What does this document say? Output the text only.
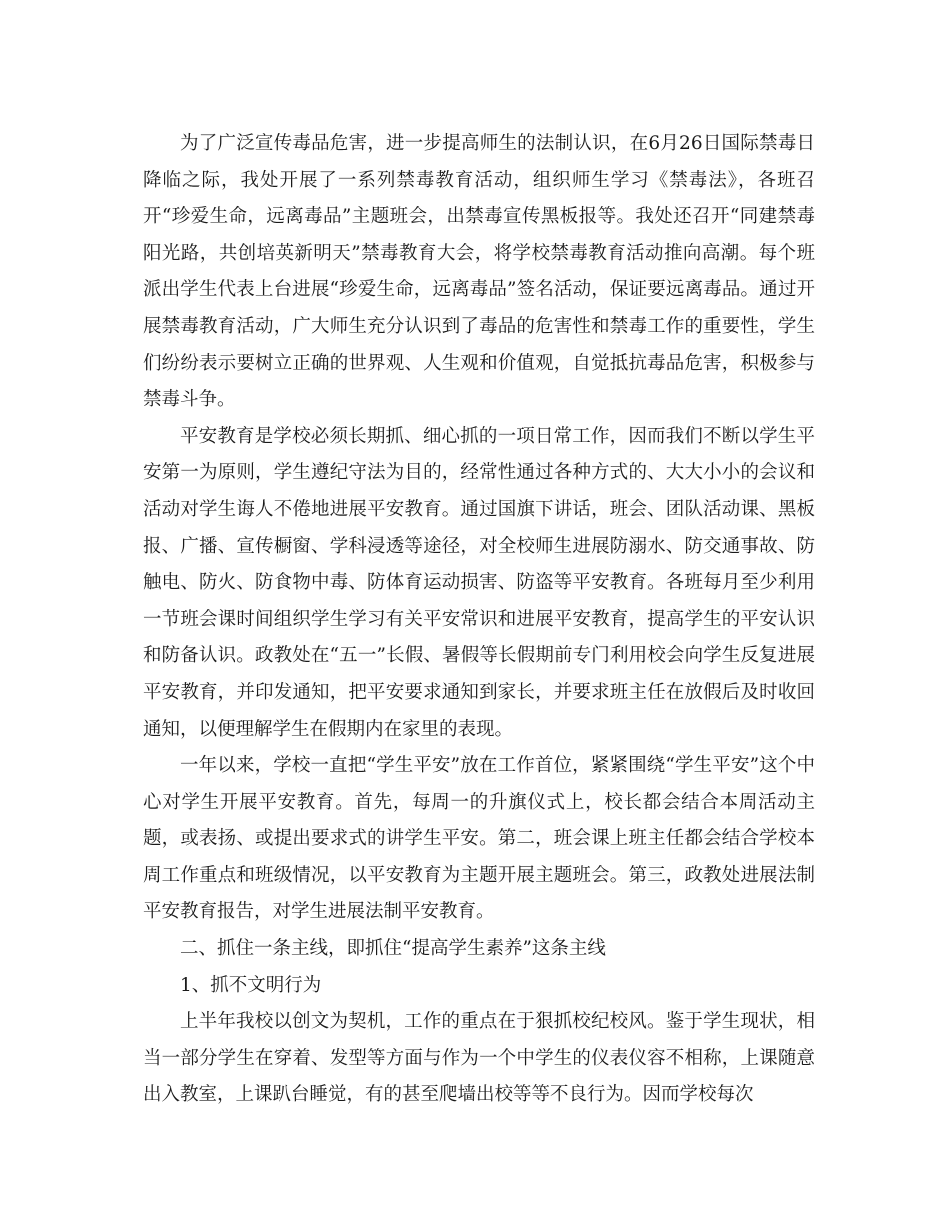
为了广泛宣传毒品危害，进一步提高师生的法制认识，在6月26日国际禁毒日降临之际，我处开展了一系列禁毒教育活动，组织师生学习《禁毒法》，各班召开“珍爱生命，远离毒品”主题班会，出禁毒宣传黑板报等。我处还召开“同建禁毒阳光路，共创培英新明天”禁毒教育大会，将学校禁毒教育活动推向高潮。每个班派出学生代表上台进展“珍爱生命，远离毒品”签名活动，保证要远离毒品。通过开展禁毒教育活动，广大师生充分认识到了毒品的危害性和禁毒工作的重要性，学生们纷纷表示要树立正确的世界观、人生观和价值观，自觉抵抗毒品危害，积极参与禁毒斗争。

平安教育是学校必须长期抓、细心抓的一项日常工作，因而我们不断以学生平安第一为原则，学生遵纪守法为目的，经常性通过各种方式的、大大小小的会议和活动对学生诲人不倦地进展平安教育。通过国旗下讲话，班会、团队活动课、黑板报、广播、宣传橱窗、学科浸透等途径，对全校师生进展防溺水、防交通事故、防触电、防火、防食物中毒、防体育运动损害、防盗等平安教育。各班每月至少利用一节班会课时间组织学生学习有关平安常识和进展平安教育，提高学生的平安认识和防备认识。政教处在“五一”长假、暑假等长假期前专门利用校会向学生反复进展平安教育，并印发通知，把平安要求通知到家长，并要求班主任在放假后及时收回通知，以便理解学生在假期内在家里的表现。

一年以来，学校一直把“学生平安”放在工作首位，紧紧围绕“学生平安”这个中心对学生开展平安教育。首先，每周一的升旗仪式上，校长都会结合本周活动主题，或表扬、或提出要求式的讲学生平安。第二，班会课上班主任都会结合学校本周工作重点和班级情况，以平安教育为主题开展主题班会。第三，政教处进展法制平安教育报告，对学生进展法制平安教育。

二、抓住一条主线，即抓住“提高学生素养”这条主线

1、抓不文明行为

上半年我校以创文为契机，工作的重点在于狠抓校纪校风。鉴于学生现状，相当一部分学生在穿着、发型等方面与作为一个中学生的仪表仪容不相称，上课随意出入教室，上课趴台睡觉，有的甚至爬墙出校等等不良行为。因而学校每次
